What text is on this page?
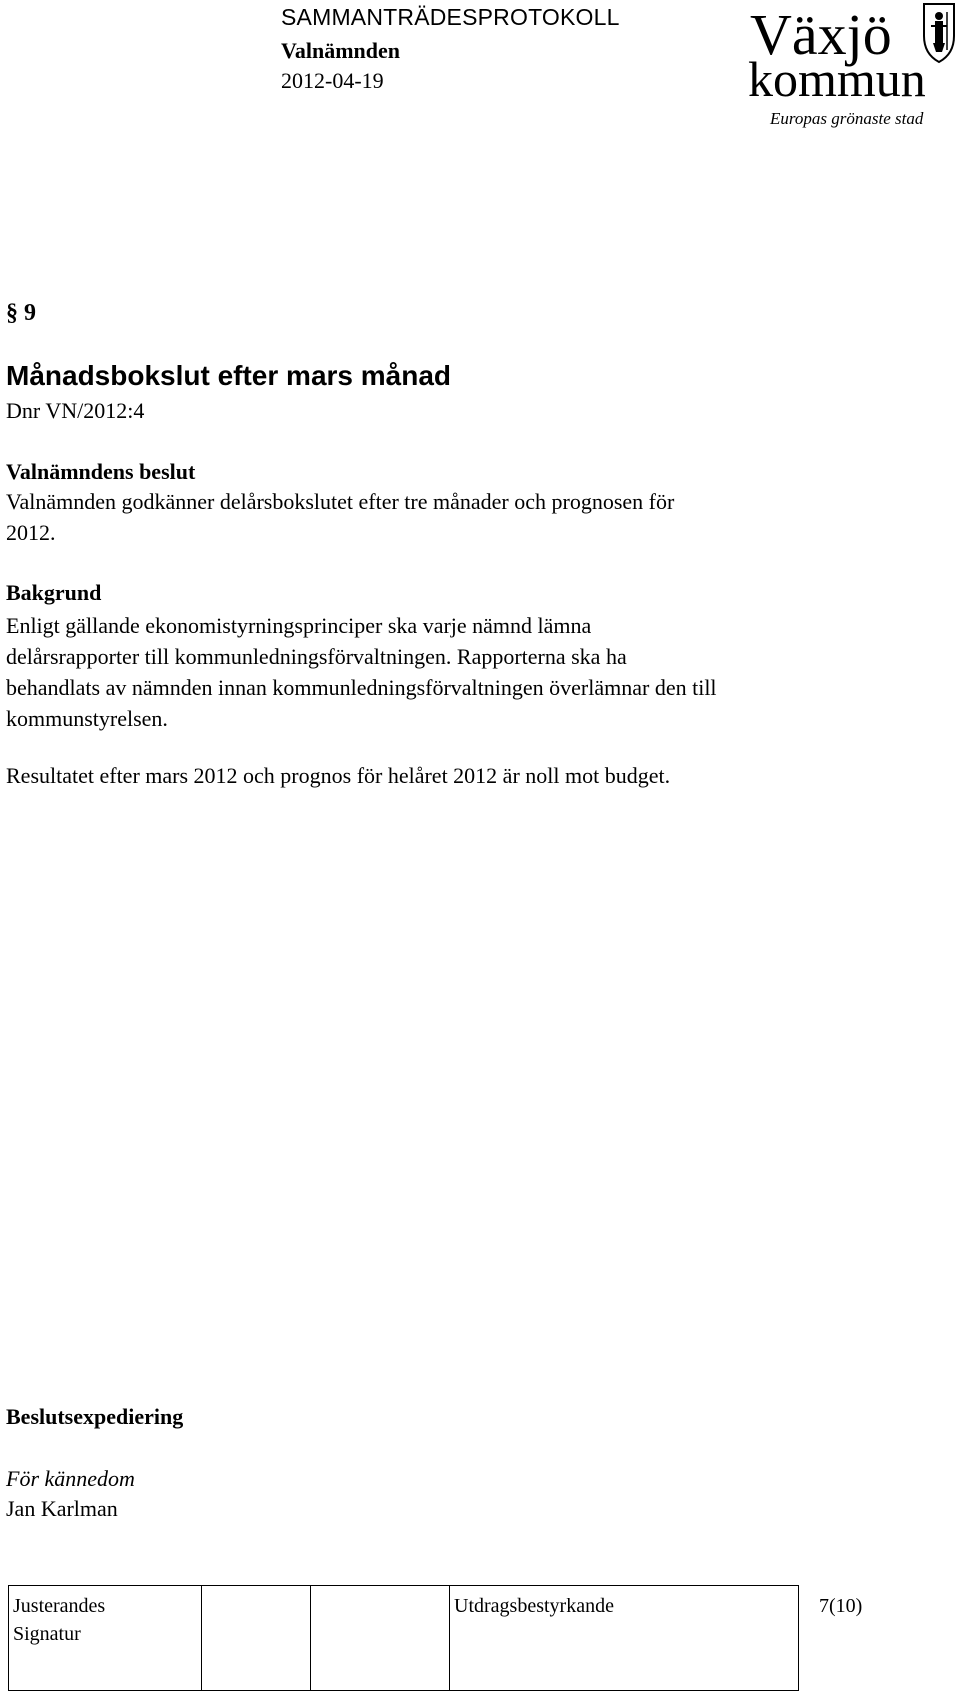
SAMMANTRÄDESPROTOKOLL
Valnämnden
2012-04-19
Växjö
kommun
Europas grönaste stad
§ 9
Månadsbokslut efter mars månad
Dnr VN/2012:4
Valnämndens beslut
Valnämnden godkänner delårsbokslutet efter tre månader och prognosen för
2012.
Bakgrund
Enligt gällande ekonomistyrningsprinciper ska varje nämnd lämna
delårsrapporter till kommunledningsförvaltningen. Rapporterna ska ha
behandlats av nämnden innan kommunledningsförvaltningen överlämnar den till
kommunstyrelsen.
Resultatet efter mars 2012 och prognos för helåret 2012 är noll mot budget.
Beslutsexpediering
För kännedom
Jan Karlman
Justerandes
Signatur

Utdragsbestyrkande	7(10)
